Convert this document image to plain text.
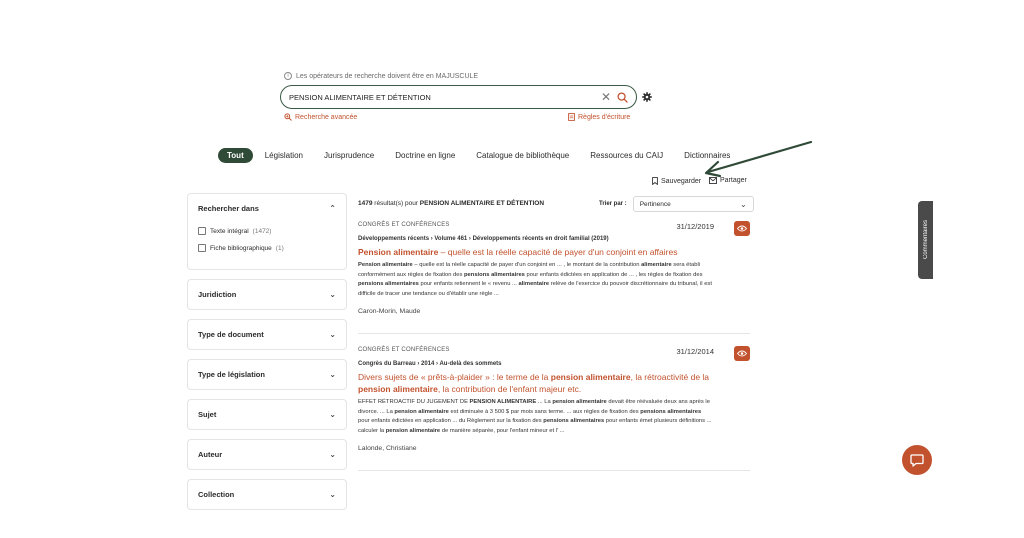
i	Les opérateurs de recherche doivent être en MAJUSCULE
PENSION ALIMENTAIRE ET DÉTENTION
✕
Recherche avancée	Règles d'écriture
Tout	Législation	Jurisprudence	Doctrine en ligne	Catalogue de bibliothèque	Ressources du CAIJ	Dictionnaires
Sauvegarder	Partager
Rechercher dans	⌃
Texte intégral (1472)
Fiche bibliographique (1)
Juridiction	⌄
Type de document	⌄
Type de législation	⌄
Sujet	⌄
Auteur	⌄
Collection	⌄
1479 résultat(s) pour PENSION ALIMENTAIRE ET DÉTENTION	Trier par : Pertinence	⌄
CONGRÈS ET CONFÉRENCES	31/12/2019
Développements récents › Volume 461 › Développements récents en droit familial (2019)
Pension alimentaire – quelle est la réelle capacité de payer d'un conjoint en affaires
Pension alimentaire – quelle est la réelle capacité de payer d'un conjoint en ... , le montant de la contribution alimentaire sera établi conformément aux règles de fixation des pensions alimentaires pour enfants édictées en application de ... , les règles de fixation des pensions alimentaires pour enfants retiennent le « revenu ... alimentaire relève de l'exercice du pouvoir discrétionnaire du tribunal, il est difficile de tracer une tendance ou d'établir une règle ...
Caron-Morin, Maude
CONGRÈS ET CONFÉRENCES	31/12/2014
Congrès du Barreau › 2014 › Au-delà des sommets
Divers sujets de « prêts-à-plaider » : le terme de la pension alimentaire, la rétroactivité de la pension alimentaire, la contribution de l'enfant majeur etc.
EFFET RÉTROACTIF DU JUGEMENT DE PENSION ALIMENTAIRE ... La pension alimentaire devait être réévaluée deux ans après le divorce. ... La pension alimentaire est diminuée à 3 500 $ par mois sans terme. ... aux règles de fixation des pensions alimentaires pour enfants édictées en application ... du Règlement sur la fixation des pensions alimentaires pour enfants émet plusieurs définitions ... calculer la pension alimentaire de manière séparée, pour l'enfant mineur et l' ...
Lalonde, Christiane
Commentaires
